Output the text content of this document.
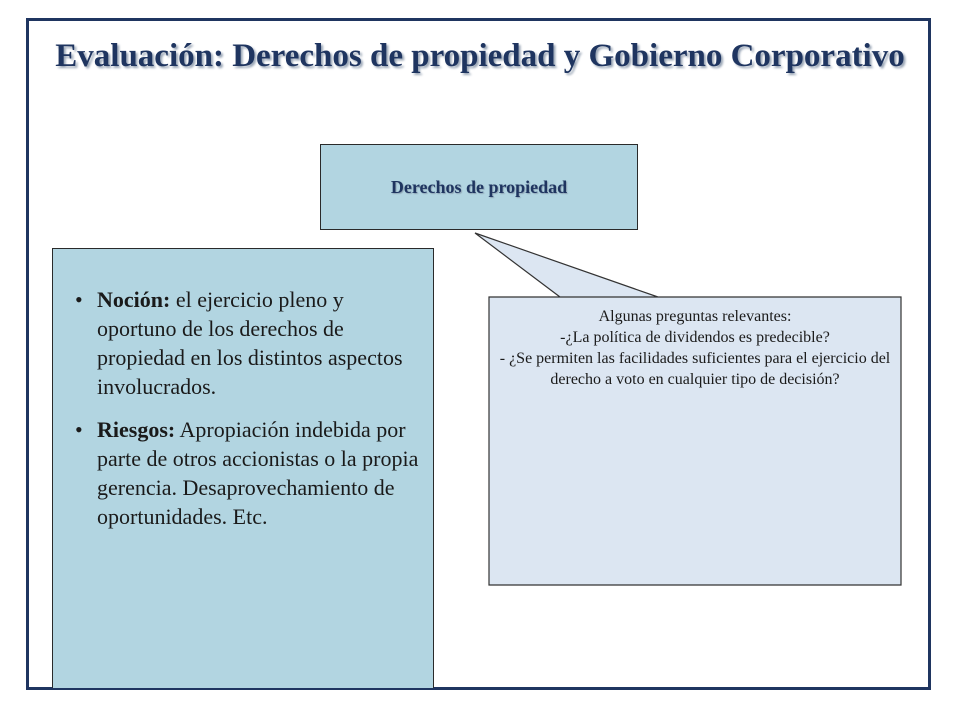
Evaluación: Derechos de propiedad y Gobierno Corporativo
Derechos de propiedad
• Noción: el ejercicio pleno y oportuno de los derechos de propiedad en los distintos aspectos involucrados.
• Riesgos: Apropiación indebida por parte de otros accionistas o la propia gerencia. Desaprovechamiento de oportunidades. Etc.
Algunas preguntas relevantes:
-¿La política de dividendos es predecible?
- ¿Se permiten las facilidades suficientes para el ejercicio del derecho a voto en cualquier tipo de decisión?
